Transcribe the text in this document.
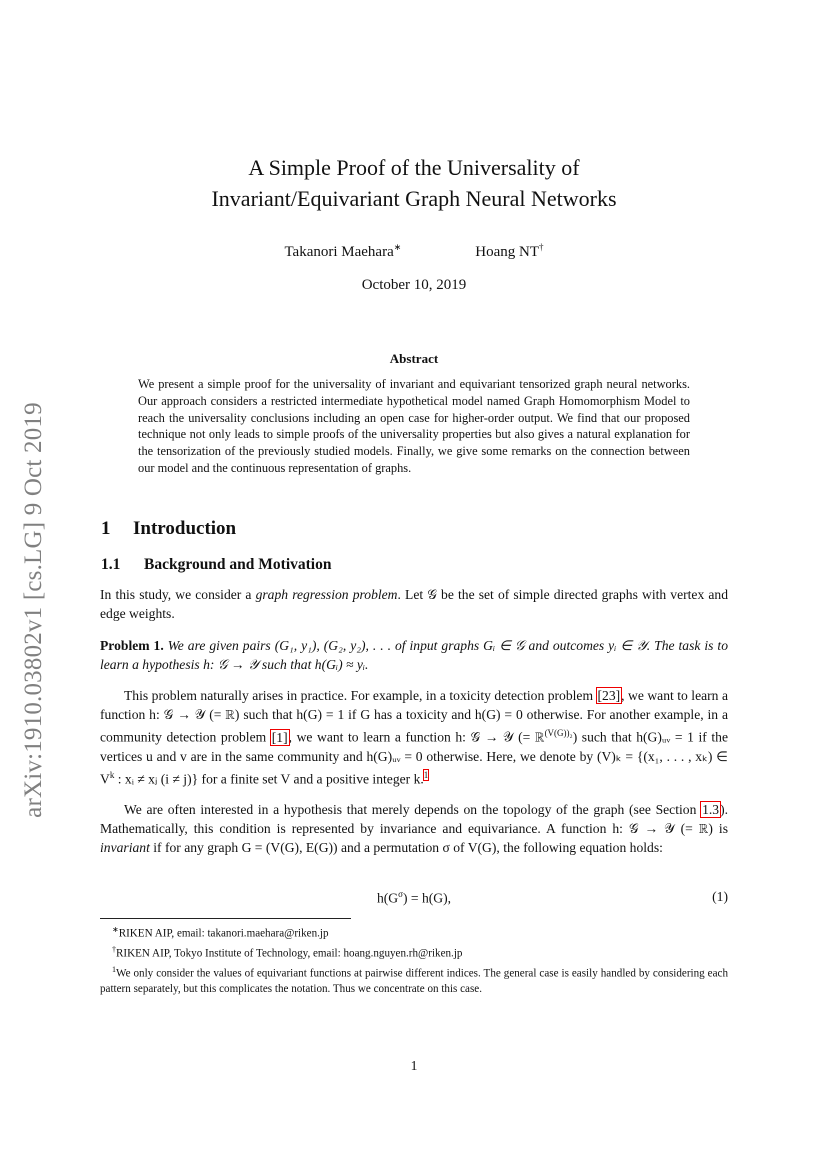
arXiv:1910.03802v1 [cs.LG] 9 Oct 2019
A Simple Proof of the Universality of
Invariant/Equivariant Graph Neural Networks
Takanori Maehara∗	Hoang NT†
October 10, 2019
Abstract

We present a simple proof for the universality of invariant and equivariant tensorized graph neural networks. Our approach considers a restricted intermediate hypothetical model named Graph Homomorphism Model to reach the universality conclusions including an open case for higher-order output. We find that our proposed technique not only leads to simple proofs of the universality properties but also gives a natural explanation for the tensorization of the previously studied models. Finally, we give some remarks on the connection between our model and the continuous representation of graphs.

1 Introduction
1.1 Background and Motivation

In this study, we consider a graph regression problem. Let 𝒢 be the set of simple directed graphs with vertex and edge weights.

Problem 1. We are given pairs (G₁, y₁), (G₂, y₂), . . . of input graphs Gᵢ ∈ 𝒢 and outcomes yᵢ ∈ 𝒴. The task is to learn a hypothesis h: 𝒢 → 𝒴 such that h(Gᵢ) ≈ yᵢ.

This problem naturally arises in practice. For example, in a toxicity detection problem [23], we want to learn a function h: 𝒢 → 𝒴 (= ℝ) such that h(G) = 1 if G has a toxicity and h(G) = 0 otherwise. For another example, in a community detection problem [1], we want to learn a function h: 𝒢 → 𝒴 (= ℝ$^{(V(G))_2}$) such that h(G)ᵤᵥ = 1 if the vertices u and v are in the same community and h(G)ᵤᵥ = 0 otherwise. Here, we denote by (V)ₖ = {(x₁, . . . , xₖ) ∈ $V^k$ : xᵢ ≠ xⱼ (i ≠ j)} for a finite set V and a positive integer k.$^1$

We are often interested in a hypothesis that merely depends on the topology of the graph (see Section 1.3). Mathematically, this condition is represented by invariance and equivariance. A function h: 𝒢 → 𝒴 (= ℝ) is invariant if for any graph G = (V(G), E(G)) and a permutation σ of V(G), the following equation holds:

$h(G^\sigma) = h(G)$,	(1)

∗RIKEN AIP, email: takanori.maehara@riken.jp

†RIKEN AIP, Tokyo Institute of Technology, email: hoang.nguyen.rh@riken.jp

$^1$We only consider the values of equivariant functions at pairwise different indices. The general case is easily handled by considering each pattern separately, but this complicates the notation. Thus we concentrate on this case.

1
